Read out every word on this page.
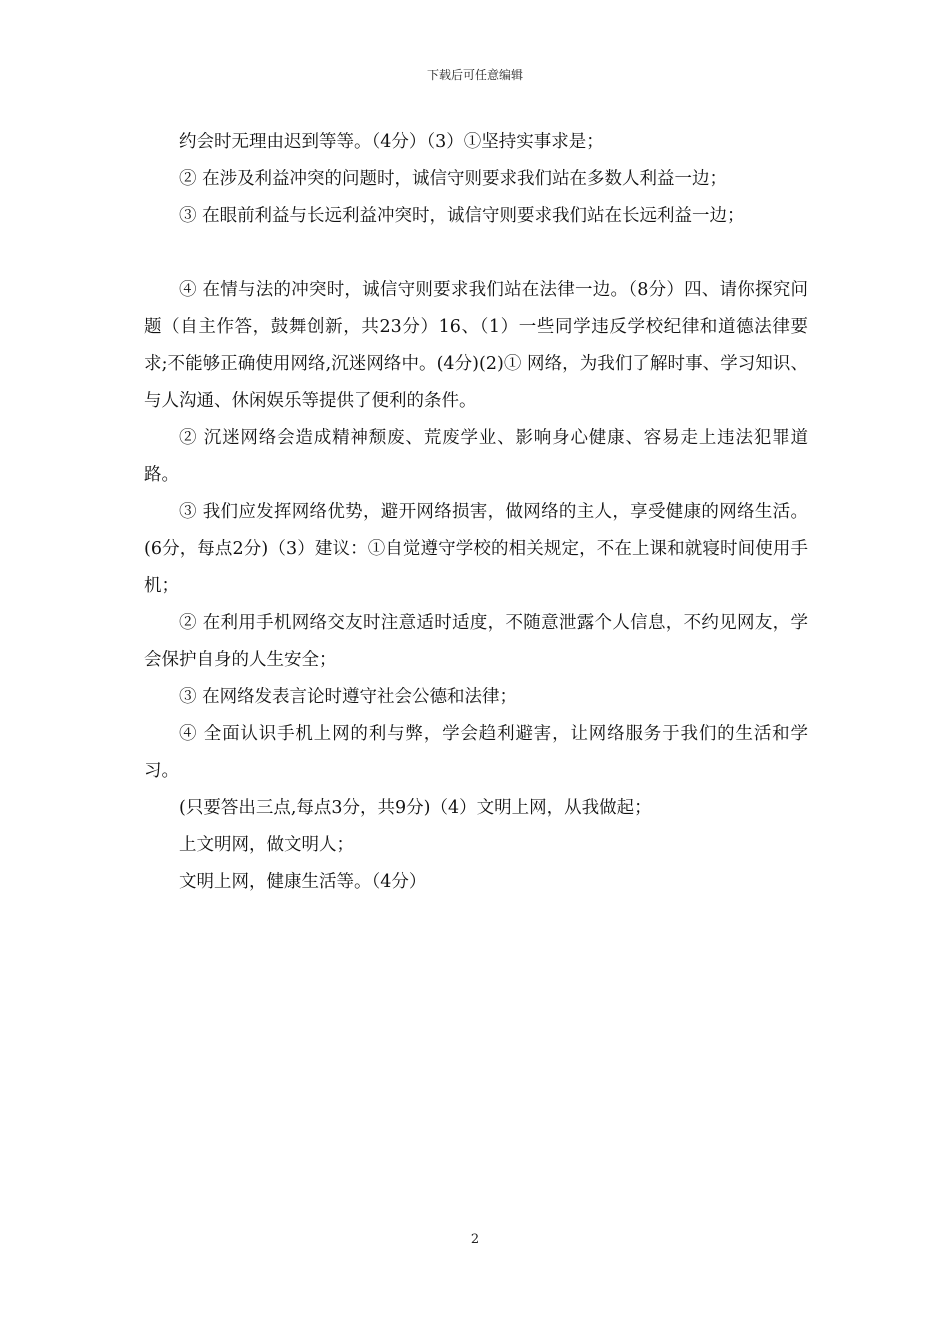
下载后可任意编辑

约会时无理由迟到等等。（4分）（3）①坚持实事求是；

② 在涉及利益冲突的问题时，诚信守则要求我们站在多数人利益一边；

③ 在眼前利益与长远利益冲突时，诚信守则要求我们站在长远利益一边；

④ 在情与法的冲突时，诚信守则要求我们站在法律一边。（8分）四、请你探究问题（自主作答，鼓舞创新，共23分）16、（1）一些同学违反学校纪律和道德法律要求;不能够正确使用网络,沉迷网络中。(4分)(2)① 网络，为我们了解时事、学习知识、与人沟通、休闲娱乐等提供了便利的条件。

② 沉迷网络会造成精神颓废、荒废学业、影响身心健康、容易走上违法犯罪道路。

③ 我们应发挥网络优势，避开网络损害，做网络的主人，享受健康的网络生活。(6分，每点2分)（3）建议：①自觉遵守学校的相关规定，不在上课和就寝时间使用手机；

② 在利用手机网络交友时注意适时适度，不随意泄露个人信息，不约见网友，学会保护自身的人生安全；

③ 在网络发表言论时遵守社会公德和法律；

④ 全面认识手机上网的利与弊，学会趋利避害，让网络服务于我们的生活和学习。

(只要答出三点,每点3分，共9分)（4）文明上网，从我做起；

上文明网，做文明人；

文明上网，健康生活等。（4分）

2
